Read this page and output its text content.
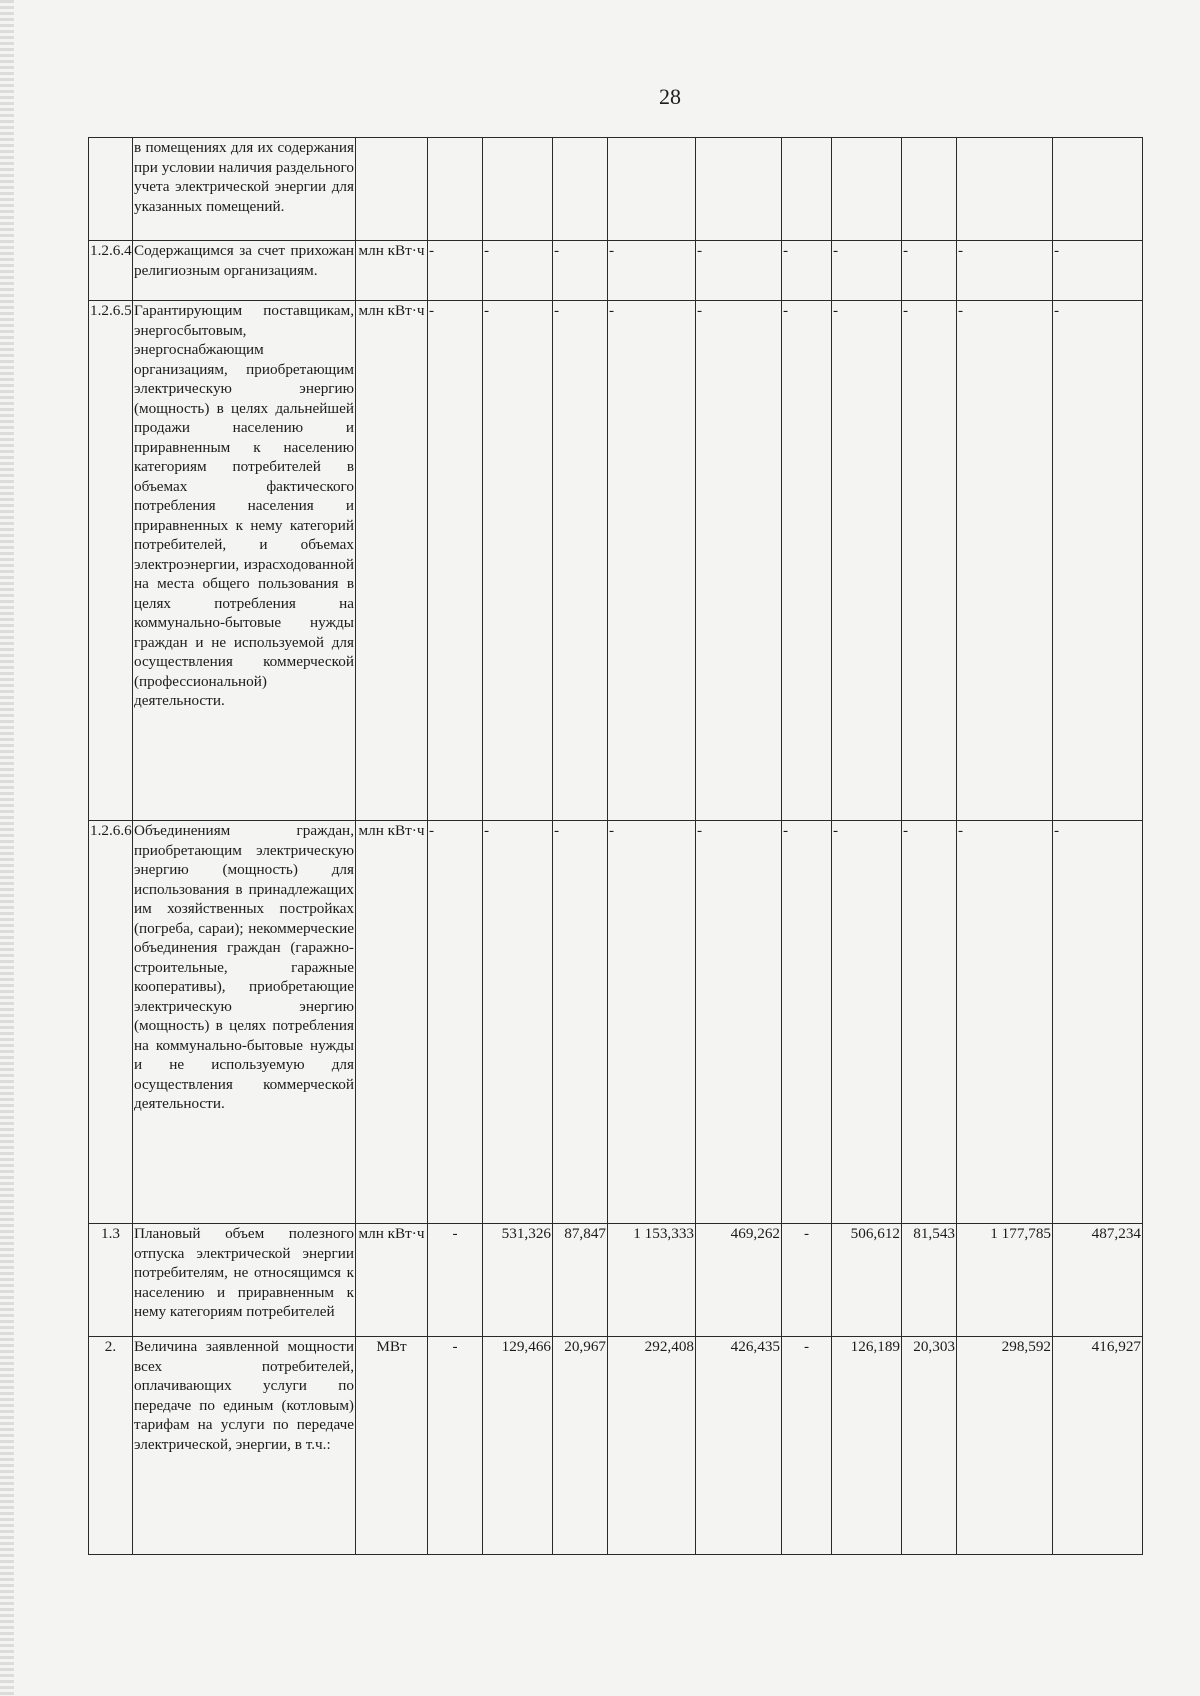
28
	в помещениях для их содержания при условии наличия раздельного учета электрической энергии для указанных помещений.											
1.2.6.4	Содержащимся за счет прихожан религиозным организациям.	млн кВт·ч	-	-	-	-	-	-	-	-	-	-
1.2.6.5	Гарантирующим поставщикам, энергосбытовым, энергоснабжающим организациям, приобретающим электрическую энергию (мощность) в целях дальнейшей продажи населению и приравненным к населению категориям потребителей в объемах фактического потребления населения и приравненных к нему категорий потребителей, и объемах электроэнергии, израсходованной на места общего пользования в целях потребления на коммунально-бытовые нужды граждан и не используемой для осуществления коммерческой (профессиональной) деятельности.	млн кВт·ч	-	-	-	-	-	-	-	-	-	-
1.2.6.6	Объединениям граждан, приобретающим электрическую энергию (мощность) для использования в принадлежащих им хозяйственных постройках (погреба, сараи); некоммерческие объединения граждан (гаражно-строительные, гаражные кооперативы), приобретающие электрическую энергию (мощность) в целях потребления на коммунально-бытовые нужды и не используемую для осуществления коммерческой деятельности.	млн кВт·ч	-	-	-	-	-	-	-	-	-	-
1.3	Плановый объем полезного отпуска электрической энергии потребителям, не относящимся к населению и приравненным к нему категориям потребителей	млн кВт·ч	-	531,326	87,847	1 153,333	469,262	-	506,612	81,543	1 177,785	487,234
2.	Величина заявленной мощности всех потребителей, оплачивающих услуги по передаче по единым (котловым) тарифам на услуги по передаче электрической, энергии, в т.ч.:	МВт	-	129,466	20,967	292,408	426,435	-	126,189	20,303	298,592	416,927
